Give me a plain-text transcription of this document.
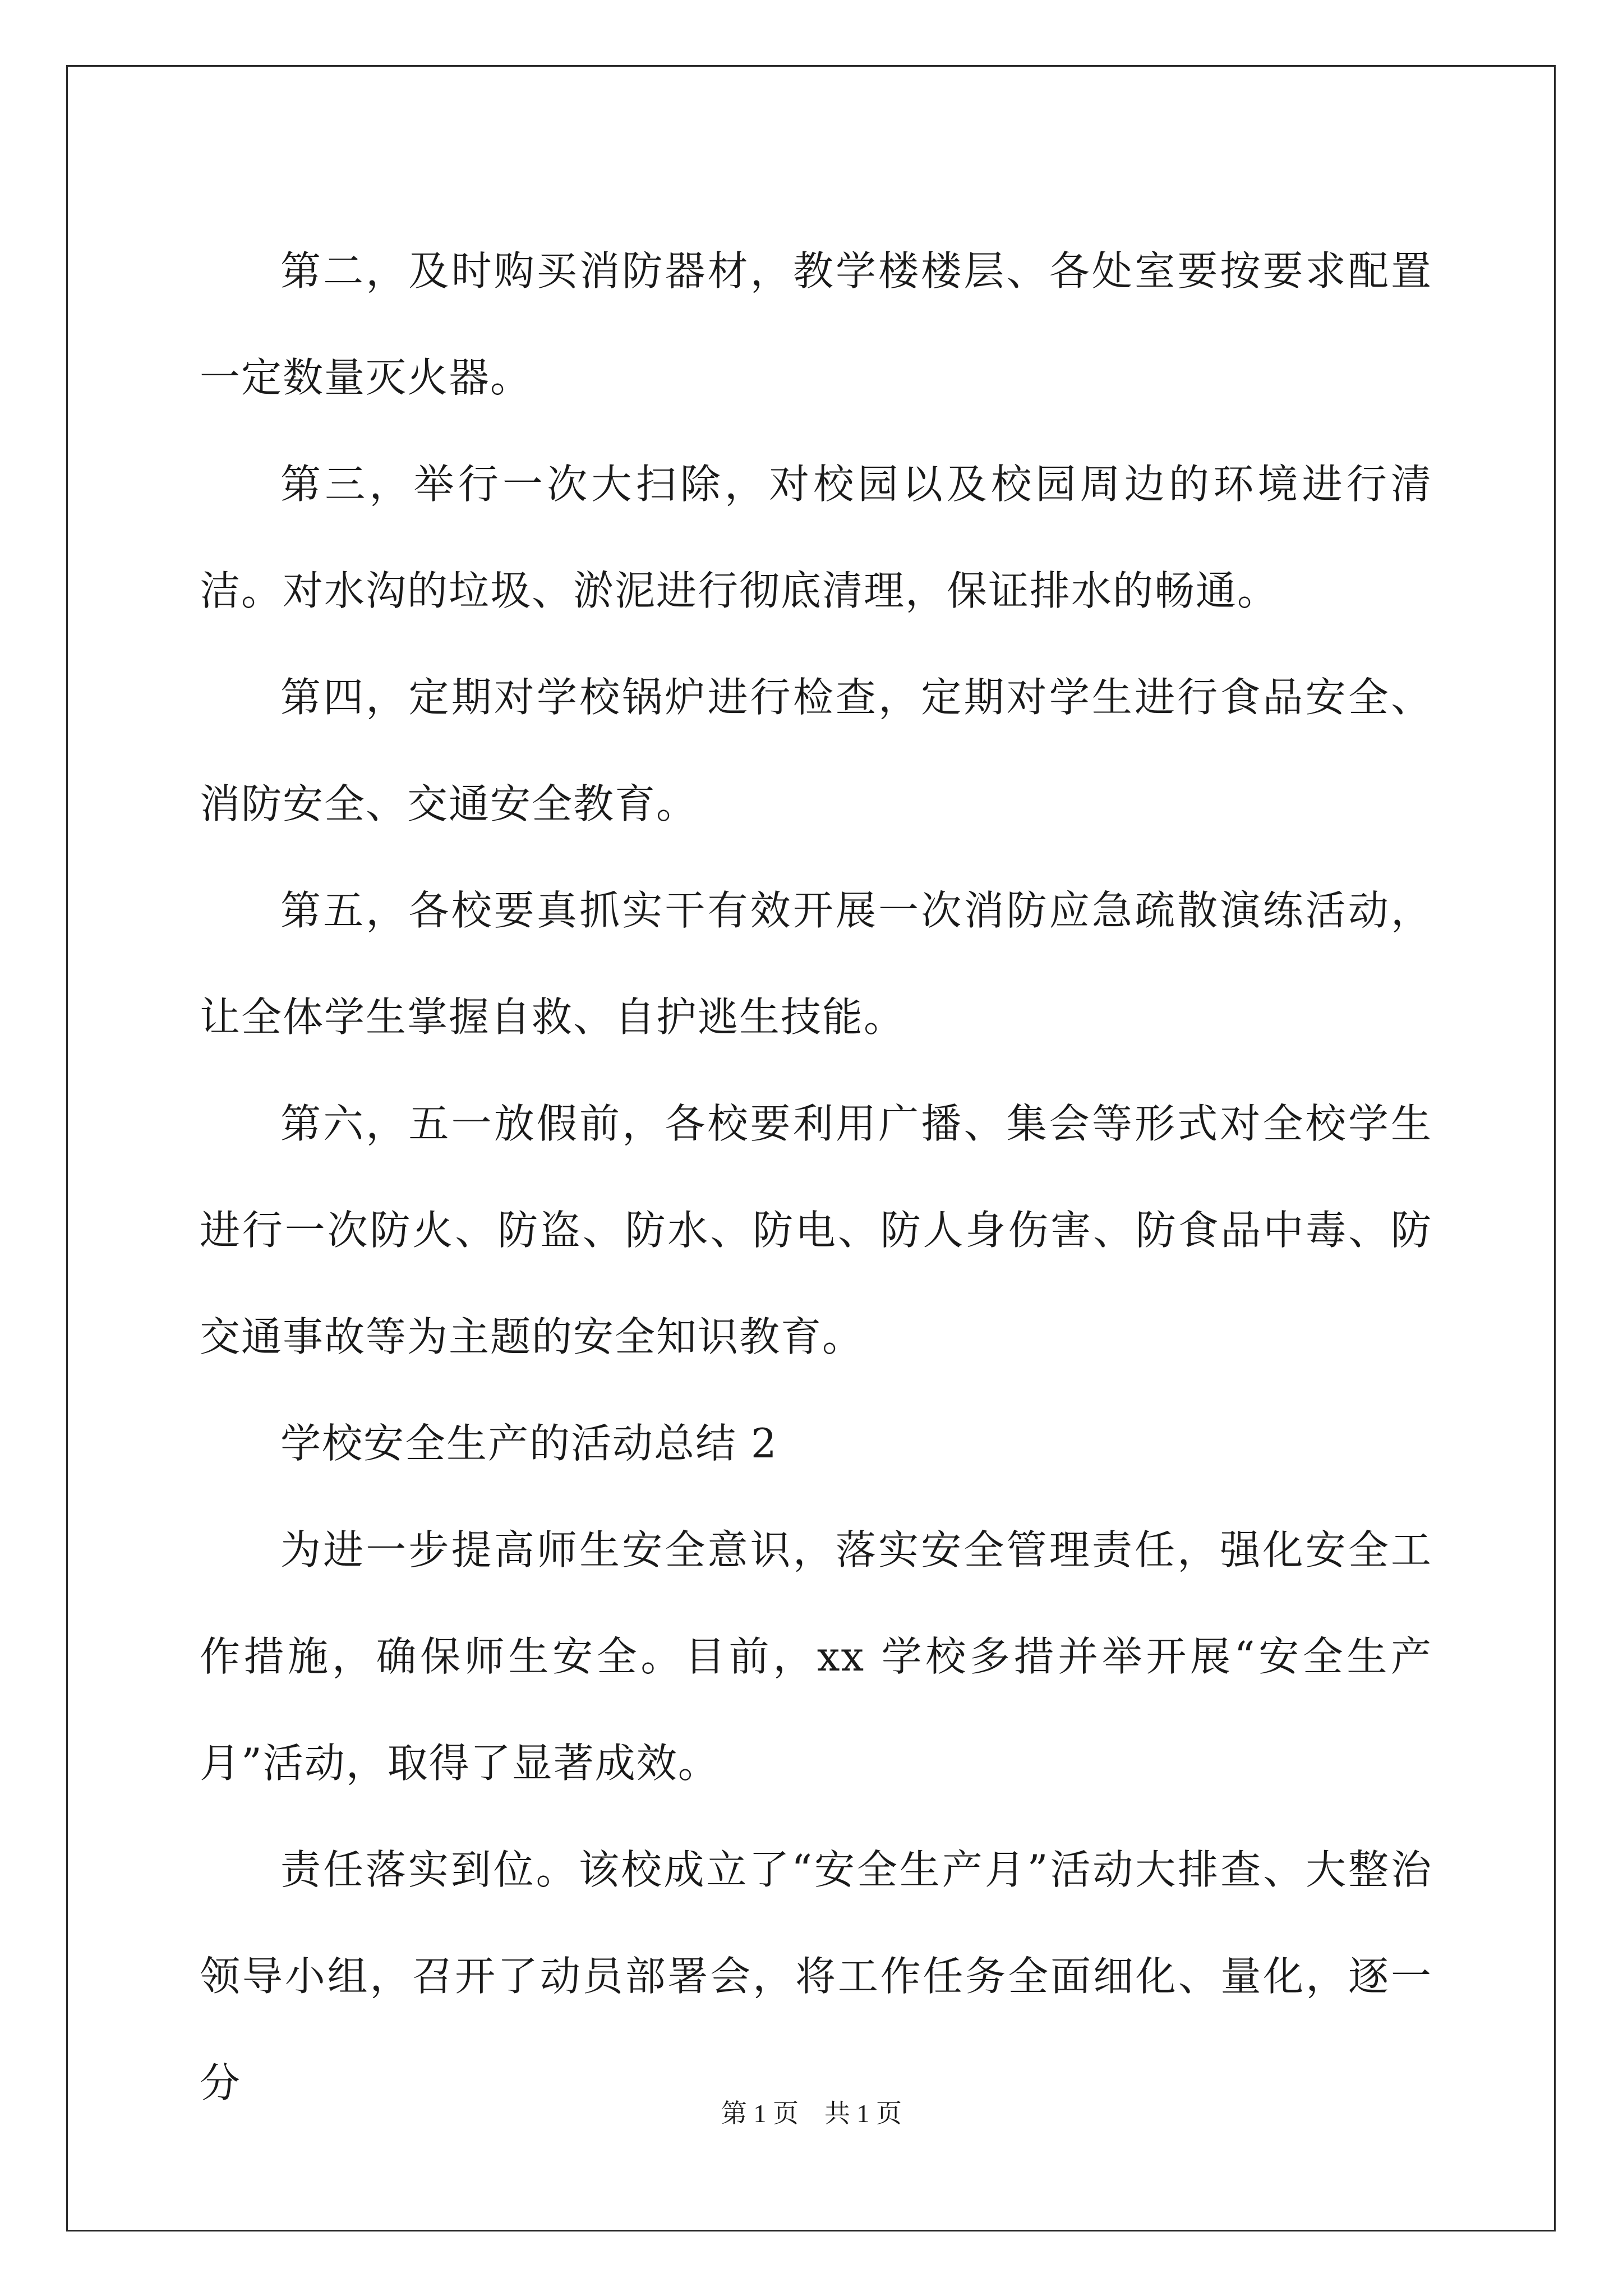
第二，及时购买消防器材，教学楼楼层、各处室要按要求配置一定数量灭火器。

第三，举行一次大扫除，对校园以及校园周边的环境进行清洁。对水沟的垃圾、淤泥进行彻底清理，保证排水的畅通。

第四，定期对学校锅炉进行检查，定期对学生进行食品安全、消防安全、交通安全教育。

第五，各校要真抓实干有效开展一次消防应急疏散演练活动，让全体学生掌握自救、自护逃生技能。

第六，五一放假前，各校要利用广播、集会等形式对全校学生进行一次防火、防盗、防水、防电、防人身伤害、防食品中毒、防交通事故等为主题的安全知识教育。

学校安全生产的活动总结 2

为进一步提高师生安全意识，落实安全管理责任，强化安全工作措施，确保师生安全。目前，xx 学校多措并举开展“安全生产月”活动，取得了显著成效。

责任落实到位。该校成立了“安全生产月”活动大排查、大整治领导小组，召开了动员部署会，将工作任务全面细化、量化，逐一分

第 1 页 共 1 页
